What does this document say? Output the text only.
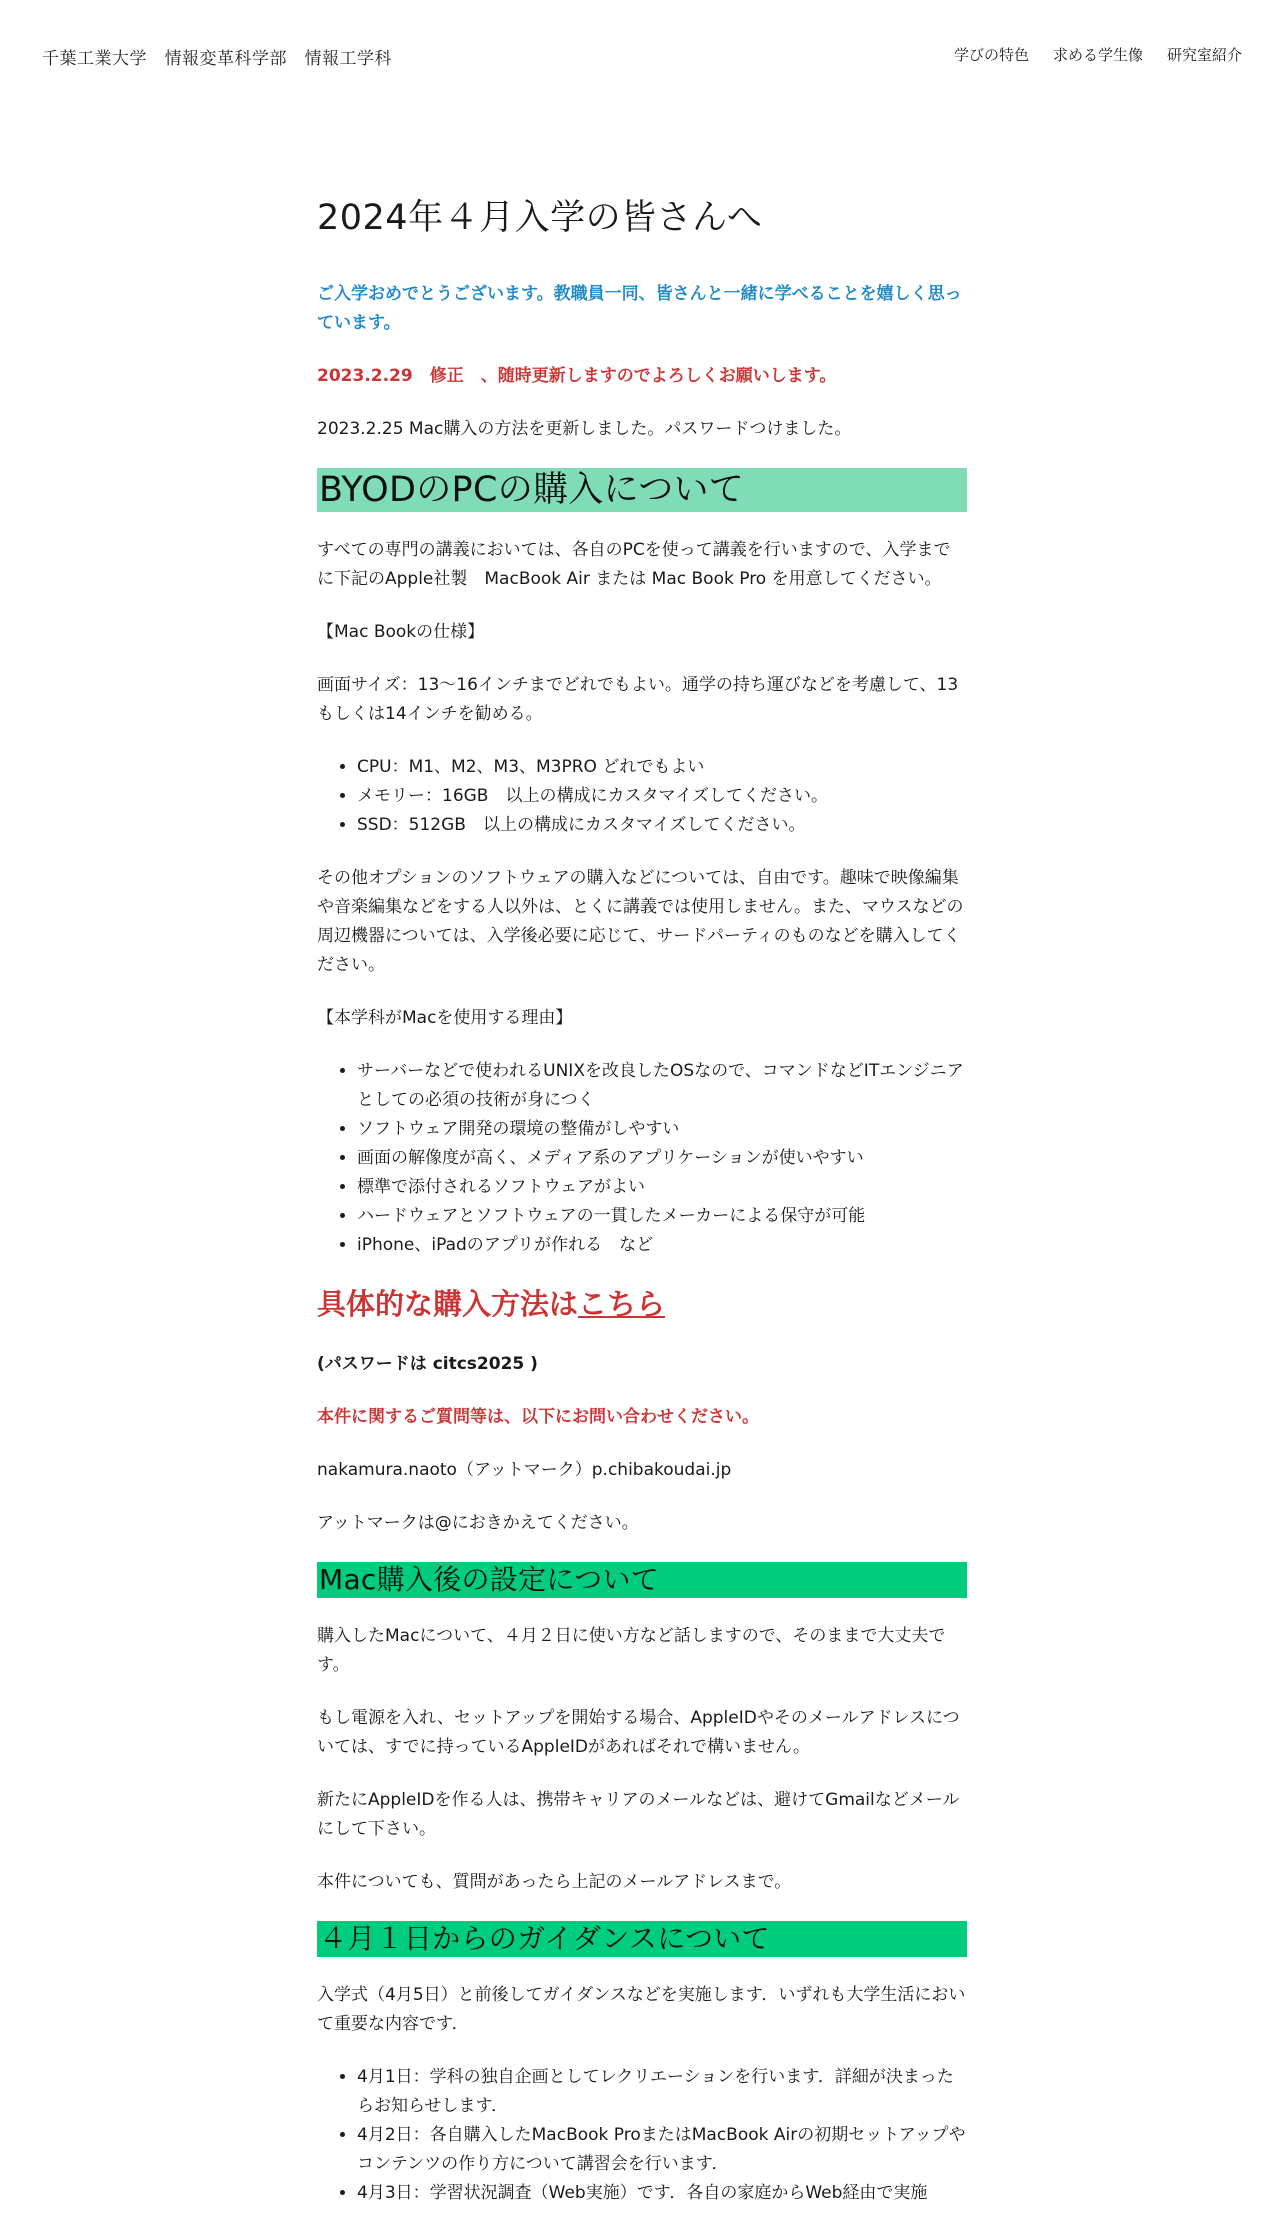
千葉工業大学　情報変革科学部　情報工学科	学びの特色 求める学生像 研究室紹介
2024年４月入学の皆さんへ

ご入学おめでとうございます。教職員一同、皆さんと一緒に学べることを嬉しく思っています。

2023.2.29　修正　、随時更新しますのでよろしくお願いします。

2023.2.25 Mac購入の方法を更新しました。パスワードつけました。

BYODのPCの購入について

すべての専門の講義においては、各自のPCを使って講義を行いますので、入学までに下記のApple社製　MacBook Air または Mac Book Pro を用意してください。

【Mac Bookの仕様】

画面サイズ：13〜16インチまでどれでもよい。通学の持ち運びなどを考慮して、13もしくは14インチを勧める。

• CPU：M1、M2、M3、M3PRO どれでもよい
• メモリー：16GB　以上の構成にカスタマイズしてください。
• SSD：512GB　以上の構成にカスタマイズしてください。

その他オプションのソフトウェアの購入などについては、自由です。趣味で映像編集や音楽編集などをする人以外は、とくに講義では使用しません。また、マウスなどの周辺機器については、入学後必要に応じて、サードパーティのものなどを購入してください。

【本学科がMacを使用する理由】

• サーバーなどで使われるUNIXを改良したOSなので、コマンドなどITエンジニアとしての必須の技術が身につく
• ソフトウェア開発の環境の整備がしやすい
• 画面の解像度が高く、メディア系のアプリケーションが使いやすい
• 標準で添付されるソフトウェアがよい
• ハードウェアとソフトウェアの一貫したメーカーによる保守が可能
• iPhone、iPadのアプリが作れる　など
具体的な購入方法はこちら

(パスワードは citcs2025 )

本件に関するご質問等は、以下にお問い合わせください。

nakamura.naoto（アットマーク）p.chibakoudai.jp

アットマークは@におきかえてください。

Mac購入後の設定について

購入したMacについて、４月２日に使い方など話しますので、そのままで大丈夫です。

もし電源を入れ、セットアップを開始する場合、AppleIDやそのメールアドレスについては、すでに持っているAppleIDがあればそれで構いません。

新たにAppleIDを作る人は、携帯キャリアのメールなどは、避けてGmailなどメールにして下さい。

本件についても、質問があったら上記のメールアドレスまで。

４月１日からのガイダンスについて

入学式（4月5日）と前後してガイダンスなどを実施します．いずれも大学生活において重要な内容です．

• 4月1日：学科の独自企画としてレクリエーションを行います．詳細が決まったらお知らせします．
• 4月2日：各自購入したMacBook ProまたはMacBook Airの初期セットアップやコンテンツの作り方について講習会を行います．
• 4月3日：学習状況調査（Web実施）です．各自の家庭からWeb経由で実施
